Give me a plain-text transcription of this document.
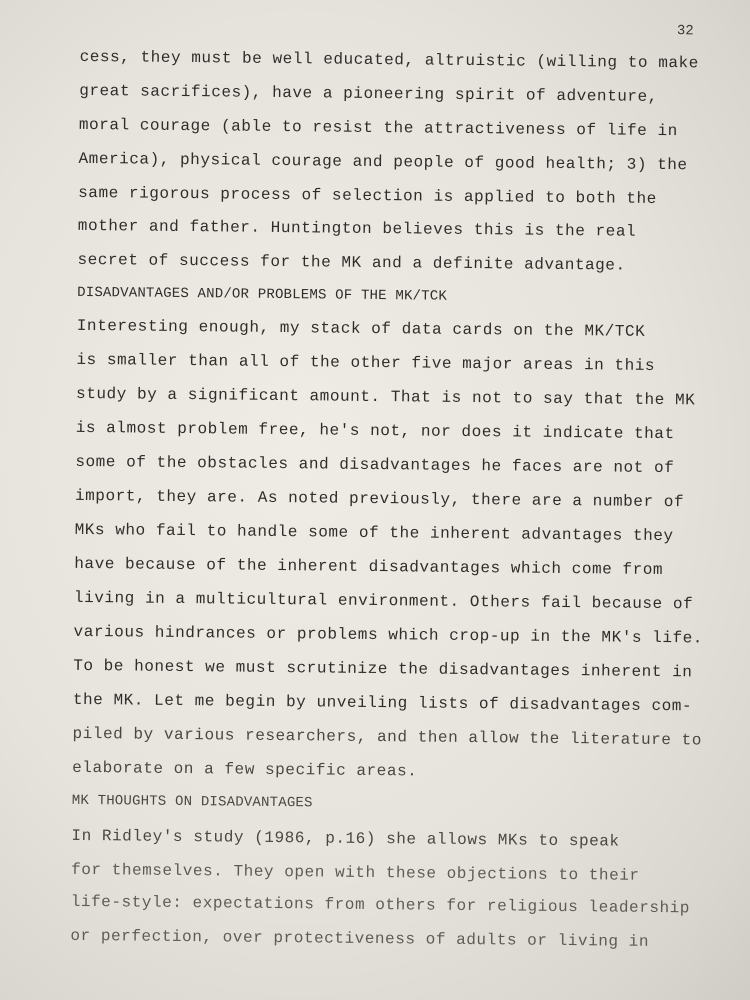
32
cess, they must be well educated, altruistic (willing to make
great sacrifices), have a pioneering spirit of adventure,
moral courage (able to resist the attractiveness of life in
America), physical courage and people of good health; 3) the
same rigorous process of selection is applied to both the
mother and father. Huntington believes this is the real
secret of success for the MK and a definite advantage.
DISADVANTAGES AND/OR PROBLEMS OF THE MK/TCK
Interesting enough, my stack of data cards on the MK/TCK
is smaller than all of the other five major areas in this
study by a significant amount. That is not to say that the MK
is almost problem free, he's not, nor does it indicate that
some of the obstacles and disadvantages he faces are not of
import, they are. As noted previously, there are a number of
MKs who fail to handle some of the inherent advantages they
have because of the inherent disadvantages which come from
living in a multicultural environment. Others fail because of
various hindrances or problems which crop-up in the MK's life.
To be honest we must scrutinize the disadvantages inherent in
the MK. Let me begin by unveiling lists of disadvantages com-
piled by various researchers, and then allow the literature to
elaborate on a few specific areas.
MK THOUGHTS ON DISADVANTAGES
In Ridley's study (1986, p.16) she allows MKs to speak
for themselves. They open with these objections to their
life-style: expectations from others for religious leadership
or perfection, over protectiveness of adults or living in
